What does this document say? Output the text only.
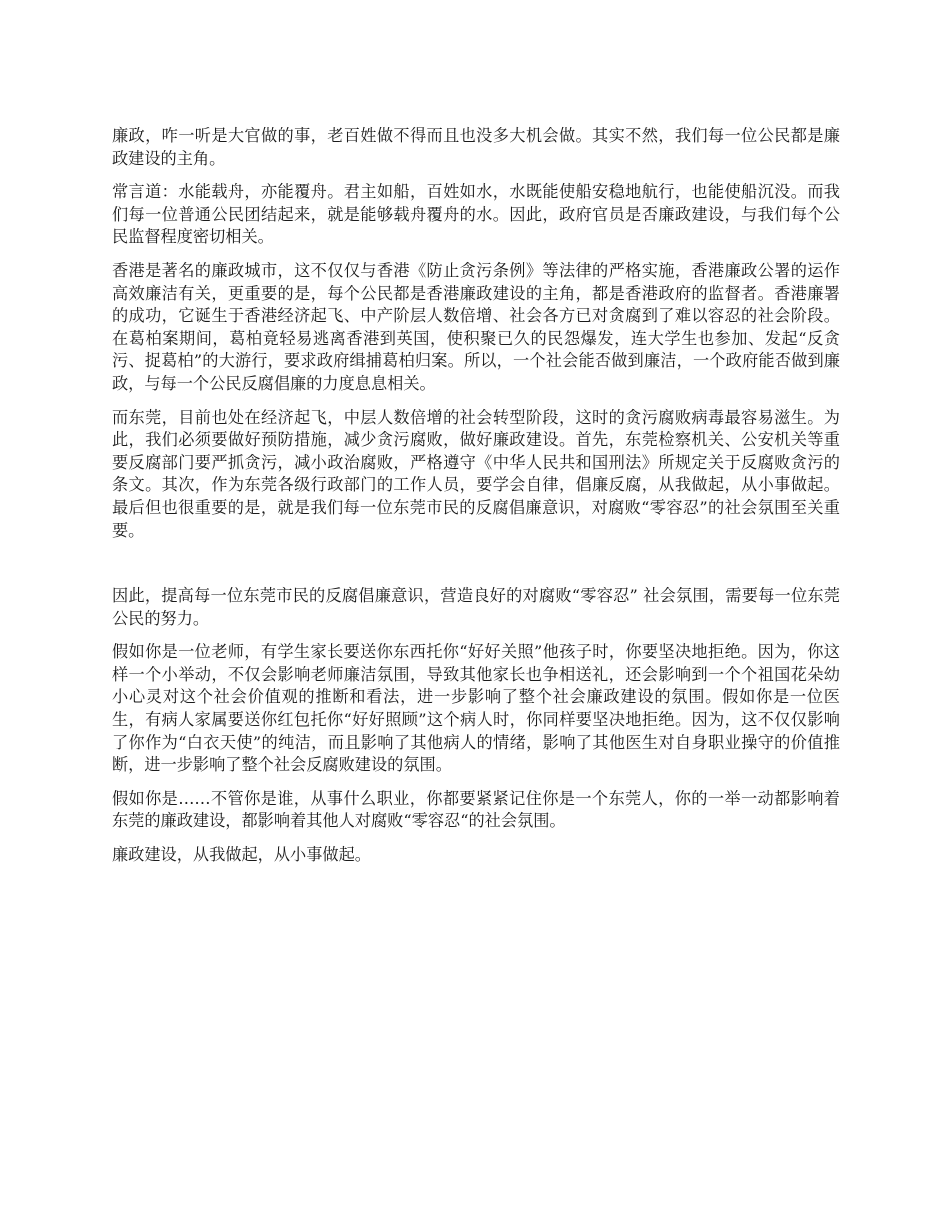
廉政，咋一听是大官做的事，老百姓做不得而且也没多大机会做。其实不然，我们每一位公民都是廉政建设的主角。

常言道：水能载舟，亦能覆舟。君主如船，百姓如水，水既能使船安稳地航行，也能使船沉没。而我们每一位普通公民团结起来，就是能够载舟覆舟的水。因此，政府官员是否廉政建设，与我们每个公民监督程度密切相关。

香港是著名的廉政城市，这不仅仅与香港《防止贪污条例》等法律的严格实施，香港廉政公署的运作高效廉洁有关，更重要的是，每个公民都是香港廉政建设的主角，都是香港政府的监督者。香港廉署的成功，它诞生于香港经济起飞、中产阶层人数倍增、社会各方已对贪腐到了难以容忍的社会阶段。在葛柏案期间，葛柏竟轻易逃离香港到英国，使积聚已久的民怨爆发，连大学生也参加、发起“反贪污、捉葛柏”的大游行，要求政府缉捕葛柏归案。所以，一个社会能否做到廉洁，一个政府能否做到廉政，与每一个公民反腐倡廉的力度息息相关。

而东莞，目前也处在经济起飞，中层人数倍增的社会转型阶段，这时的贪污腐败病毒最容易滋生。为此，我们必须要做好预防措施，减少贪污腐败，做好廉政建设。首先，东莞检察机关、公安机关等重要反腐部门要严抓贪污，减小政治腐败，严格遵守《中华人民共和国刑法》所规定关于反腐败贪污的条文。其次，作为东莞各级行政部门的工作人员，要学会自律，倡廉反腐，从我做起，从小事做起。最后但也很重要的是，就是我们每一位东莞市民的反腐倡廉意识，对腐败“零容忍”的社会氛围至关重要。

因此，提高每一位东莞市民的反腐倡廉意识，营造良好的对腐败“零容忍” 社会氛围，需要每一位东莞公民的努力。

假如你是一位老师，有学生家长要送你东西托你“好好关照”他孩子时，你要坚决地拒绝。因为，你这样一个小举动，不仅会影响老师廉洁氛围，导致其他家长也争相送礼，还会影响到一个个祖国花朵幼小心灵对这个社会价值观的推断和看法，进一步影响了整个社会廉政建设的氛围。假如你是一位医生，有病人家属要送你红包托你“好好照顾”这个病人时，你同样要坚决地拒绝。因为，这不仅仅影响了你作为“白衣天使”的纯洁，而且影响了其他病人的情绪，影响了其他医生对自身职业操守的价值推断，进一步影响了整个社会反腐败建设的氛围。

假如你是……不管你是谁，从事什么职业，你都要紧紧记住你是一个东莞人，你的一举一动都影响着东莞的廉政建设，都影响着其他人对腐败“零容忍“的社会氛围。

廉政建设，从我做起，从小事做起。
